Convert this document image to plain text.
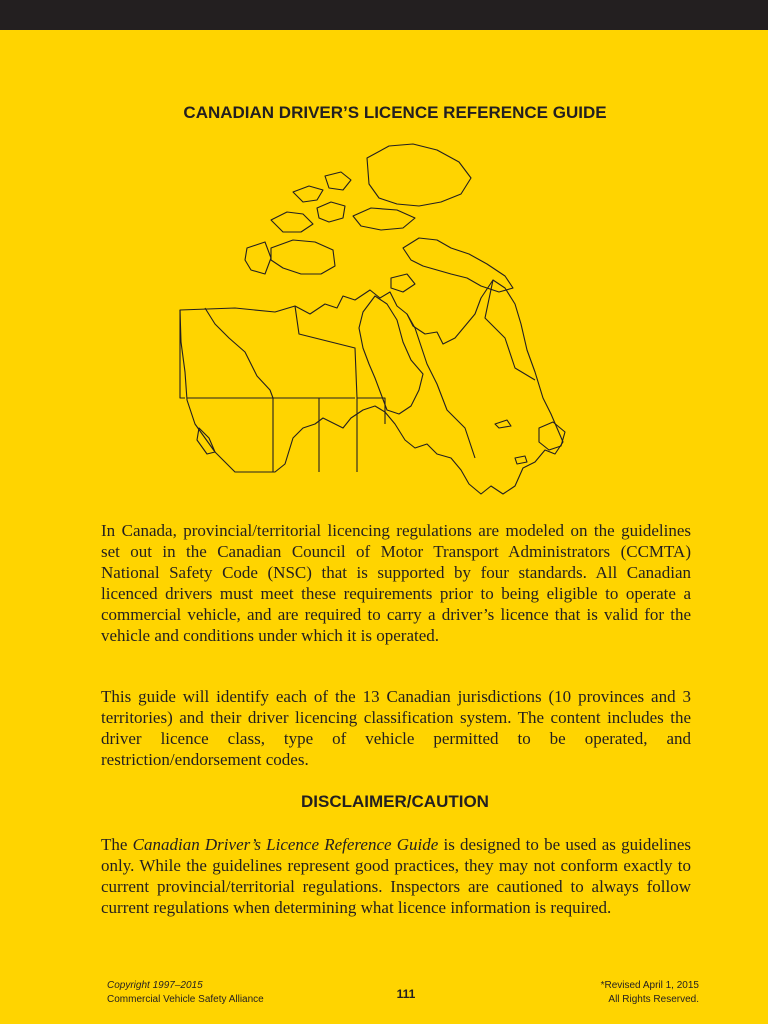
CANADIAN DRIVER’S LICENCE REFERENCE GUIDE

In Canada, provincial/territorial licencing regulations are modeled on the guidelines set out in the Canadian Council of Motor Transport Administrators (CCMTA) National Safety Code (NSC) that is supported by four standards. All Canadian licenced drivers must meet these requirements prior to being eligible to operate a commercial vehicle, and are required to carry a driver’s licence that is valid for the vehicle and conditions under which it is operated.

This guide will identify each of the 13 Canadian jurisdictions (10 provinces and 3 territories) and their driver licencing classification system. The content includes the driver licence class, type of vehicle permitted to be operated, and restriction/endorsement codes.

DISCLAIMER/CAUTION

The Canadian Driver’s Licence Reference Guide is designed to be used as guidelines only. While the guidelines represent good practices, they may not conform exactly to current provincial/territorial regulations. Inspectors are cautioned to always follow current regulations when determining what licence information is required.

Copyright 1997–2015
Commercial Vehicle Safety Alliance	111
*Revised April 1, 2015
All Rights Reserved.
